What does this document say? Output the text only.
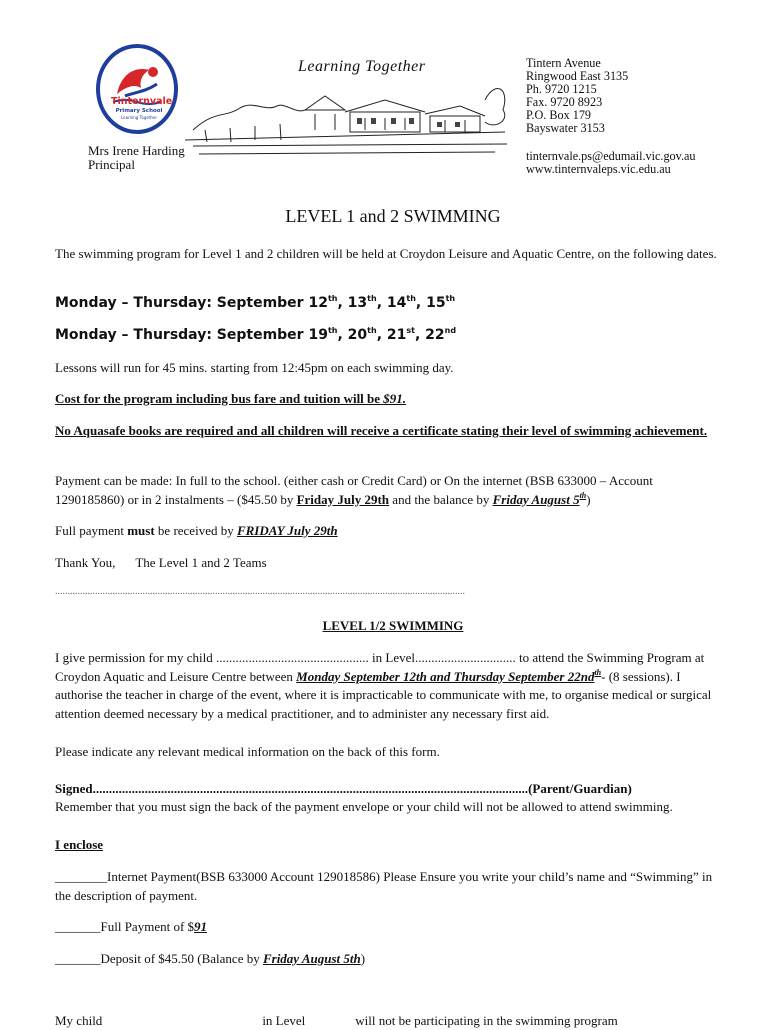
Tinternvale
Primary School
Learning Together
Mrs Irene Harding
Principal
Learning Together	Tintern Avenue
Ringwood East 3135
Ph. 9720 1215
Fax. 9720 8923
P.O. Box 179
Bayswater 3153
tinternvale.ps@edumail.vic.gov.au
www.tinternvaleps.vic.edu.au
LEVEL 1 and 2 SWIMMING
The swimming program for Level 1 and 2 children will be held at Croydon Leisure and Aquatic Centre, on the following dates.
Monday – Thursday: September 12th, 13th, 14th, 15th
Monday – Thursday: September 19th, 20th, 21st, 22nd
Lessons will run for 45 mins. starting from 12:45pm on each swimming day.
Cost for the program including bus fare and tuition will be $91.
No Aquasafe books are required and all children will receive a certificate stating their level of swimming achievement.
Payment can be made: In full to the school. (either cash or Credit Card) or On the internet (BSB 633000 – Account 1290185860) or in 2 instalments – ($45.50 by Friday July 29th and the balance by Friday August 5th)
Full payment must be received by FRIDAY July 29th
Thank You, The Level 1 and 2 Teams
....................................................................................................................................................................
LEVEL 1/2 SWIMMING
I give permission for my child ............................................... in Level............................... to attend the Swimming Program at Croydon Aquatic and Leisure Centre between Monday September 12th and Thursday September $22nd^{th}-$ (8 sessions). I authorise the teacher in charge of the event, where it is impracticable to communicate with me, to organise medical or surgical attention deemed necessary by a medical practitioner, and to administer any necessary first aid.
Please indicate any relevant medical information on the back of this form.
Signed......................................................................................................................................(Parent/Guardian)
Remember that you must sign the back of the payment envelope or your child will not be allowed to attend swimming.
I enclose
________Internet Payment(BSB 633000 Account 129018586) Please Ensure you write your child’s name and “Swimming” in the description of payment.
_______Full Payment of $91
_______Deposit of $45.50 (Balance by Friday August 5th)
My child	in Level	will not be participating in the swimming program
